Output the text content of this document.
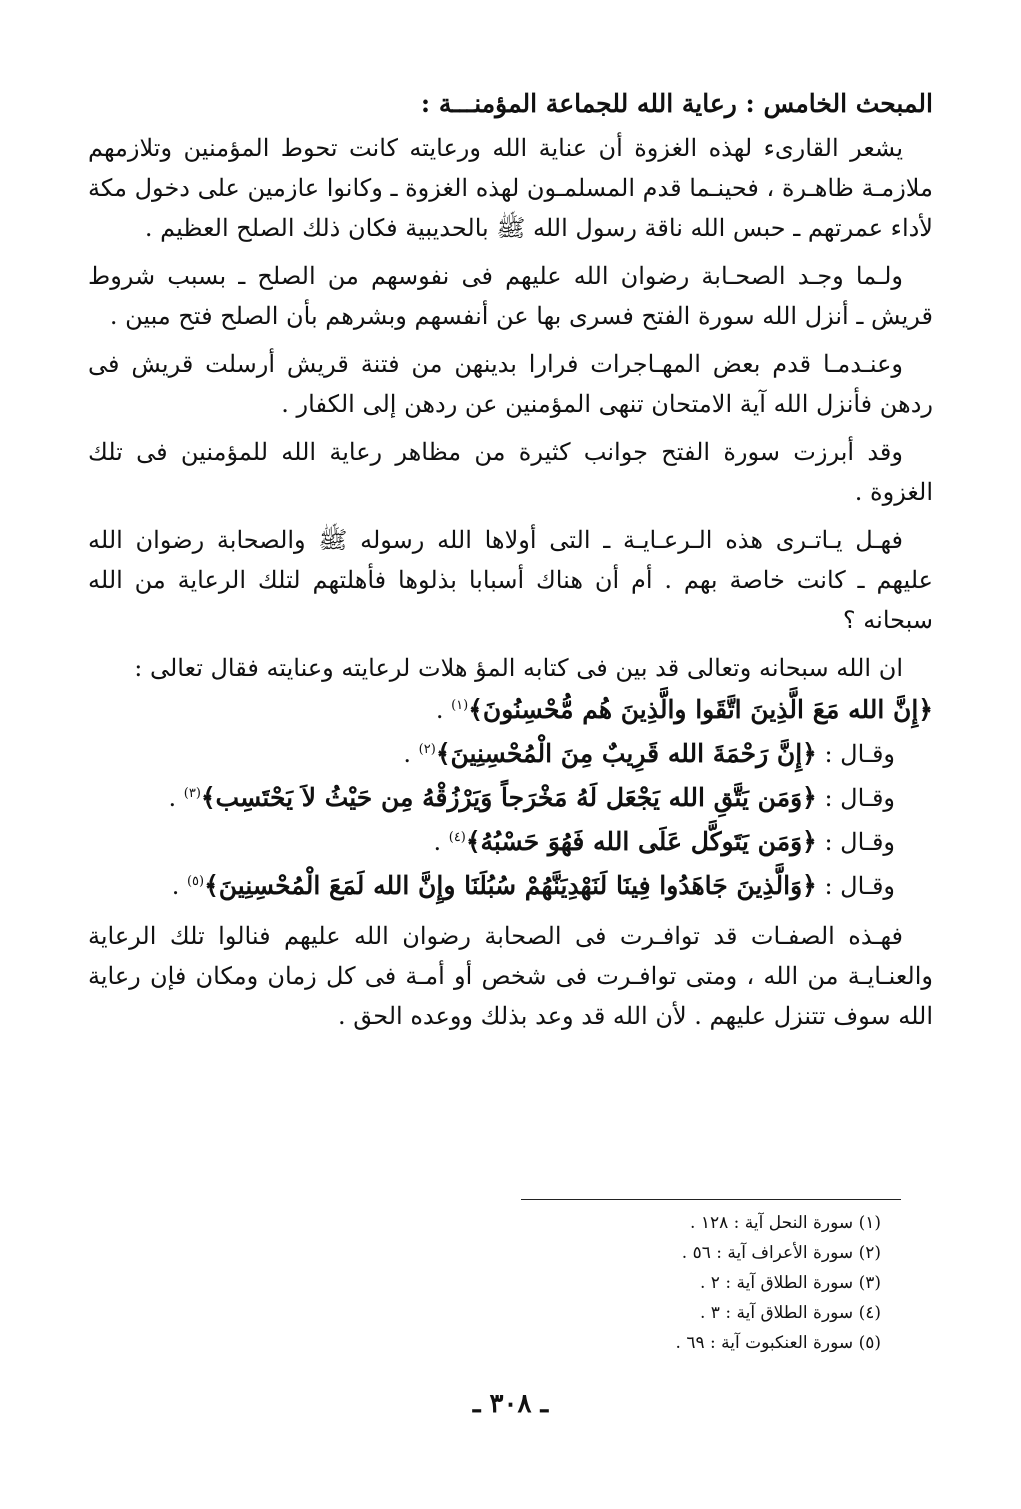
المبحث الخامس : رعاية الله للجماعة المؤمنـــة :

يشعر القارىء لهذه الغزوة أن عناية الله ورعايته كانت تحوط المؤمنين وتلازمهم ملازمـة ظاهـرة ، فحينـما قدم المسلمـون لهذه الغزوة ـ وكانوا عازمين على دخول مكة لأداء عمرتهم ـ حبس الله ناقة رسول الله ﷺ بالحديبية فكان ذلك الصلح العظيم .

ولـما وجـد الصحـابة رضوان الله عليهم فى نفوسهم من الصلح ـ بسبب شروط قريش ـ أنزل الله سورة الفتح فسرى بها عن أنفسهم وبشرهم بأن الصلح فتح مبين .

وعنـدمـا قدم بعض المهـاجرات فرارا بدينهن من فتنة قريش أرسلت قريش فى ردهن فأنزل الله آية الامتحان تنهى المؤمنين عن ردهن إلى الكفار .

وقد أبرزت سورة الفتح جوانب كثيرة من مظاهر رعاية الله للمؤمنين فى تلك الغزوة .

فهـل يـاتـرى هذه الـرعـايـة ـ التى أولاها الله رسوله ﷺ والصحابة رضوان الله عليهم ـ كانت خاصة بهم . أم أن هناك أسبابا بذلوها فأهلتهم لتلك الرعاية من الله سبحانه ؟

ان الله سبحانه وتعالى قد بين فى كتابه المؤ هلات لرعايته وعنايته فقال تعالى :

﴿إِنَّ الله مَعَ الَّذِينَ اتَّقَوا والَّذِينَ هُم مُّحْسِنُونَ﴾$^{(١)}$ .
وقـال : ﴿إِنَّ رَحْمَةَ الله قَرِيبٌ مِنَ الْمُحْسِنِينَ﴾$^{(٢)}$ .
وقـال : ﴿وَمَن يَتَّقِ الله يَجْعَل لَهُ مَخْرَجاً وَيَرْزُقْهُ مِن حَيْثُ لاَ يَحْتَسِب﴾$^{(٣)}$ .
وقـال : ﴿وَمَن يَتَوكَّل عَلَى الله فَهُوَ حَسْبُهُ﴾$^{(٤)}$ .
وقـال : ﴿وَالَّذِينَ جَاهَدُوا فِينَا لَنَهْدِيَنَّهُمْ سُبُلَنَا وإِنَّ الله لَمَعَ الْمُحْسِنِينَ﴾$^{(٥)}$ .

فهـذه الصفـات قد توافـرت فى الصحابة رضوان الله عليهم فنالوا تلك الرعاية والعنـايـة من الله ، ومتى توافـرت فى شخص أو أمـة فى كل زمان ومكان فإن رعاية الله سوف تتنزل عليهم . لأن الله قد وعد بذلك ووعده الحق .

(١) سورة النحل آية : ١٢٨ .
(٢) سورة الأعراف آية : ٥٦ .
(٣) سورة الطلاق آية : ٢ .
(٤) سورة الطلاق آية : ٣ .
(٥) سورة العنكبوت آية : ٦٩ .
ـ ٣٠٨ ـ
